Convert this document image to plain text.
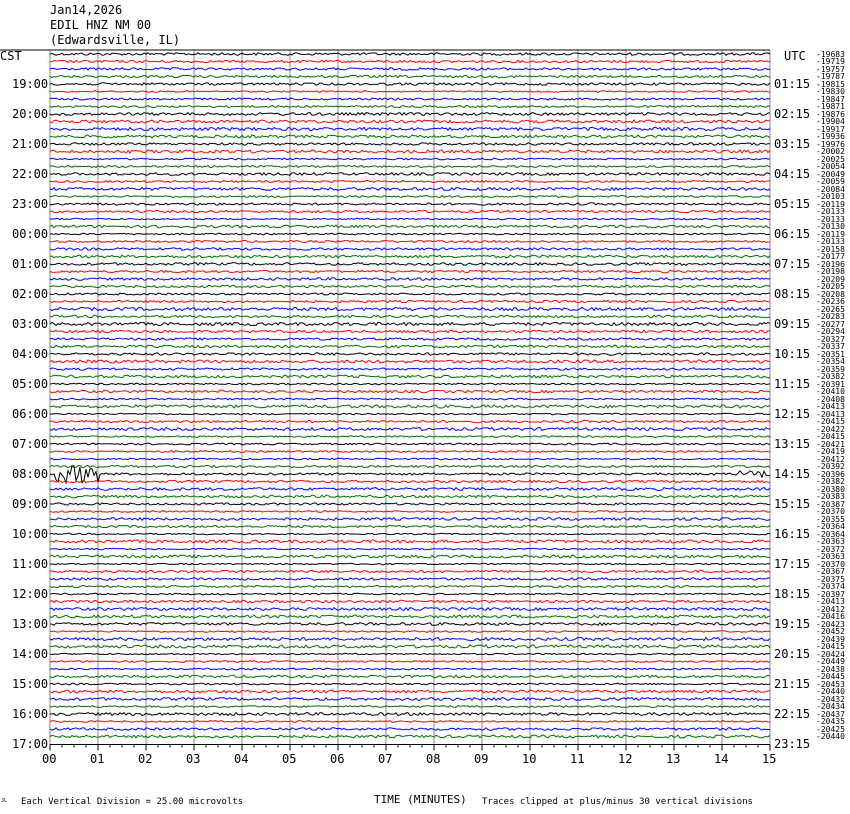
Jan14,2026
EDIL HNZ NM 00
(Edwardsville, IL)
CST	UTC
19:00
20:00
21:00
22:00
23:00
00:00
01:00
02:00
03:00
04:00
05:00
06:00
07:00
08:00
09:00
10:00
11:00
12:00
13:00
14:00
15:00
16:00
17:00
01:15
02:15
03:15
04:15
05:15
06:15
07:15
08:15
09:15
10:15
11:15
12:15
13:15
14:15
15:15
16:15
17:15
18:15
19:15
20:15
21:15
22:15
23:15
-19683
-19719
-19757
-19787
-19815
-19830
-19847
-19871
-19876
-19904
-19917
-19936
-19976
-20002
-20025
-20054
-20049
-20059
-20084
-20103
-20119
-20133
-20133
-20130
-20119
-20133
-20158
-20177
-20196
-20198
-20209
-20205
-20208
-20236
-20265
-20283
-20277
-20294
-20327
-20337
-20351
-20354
-20359
-20382
-20391
-20410
-20408
-20413
-20413
-20415
-20422
-20415
-20421
-20419
-20412
-20392
-20396
-20382
-20380
-20383
-20387
-20370
-20355
-20364
-20364
-20363
-20372
-20363
-20370
-20367
-20375
-20374
-20397
-20413
-20412
-20416
-20423
-20452
-20439
-20415
-20424
-20449
-20438
-20445
-20453
-20440
-20432
-20434
-20437
-20435
-20425
-20440
00	01	02	03	04	05	06	07	08	09	10	11	12	13	14	15
TIME (MINUTES)
Each Vertical Division = 25.00 microvolts	Traces clipped at plus/minus 30 vertical divisions
JL
